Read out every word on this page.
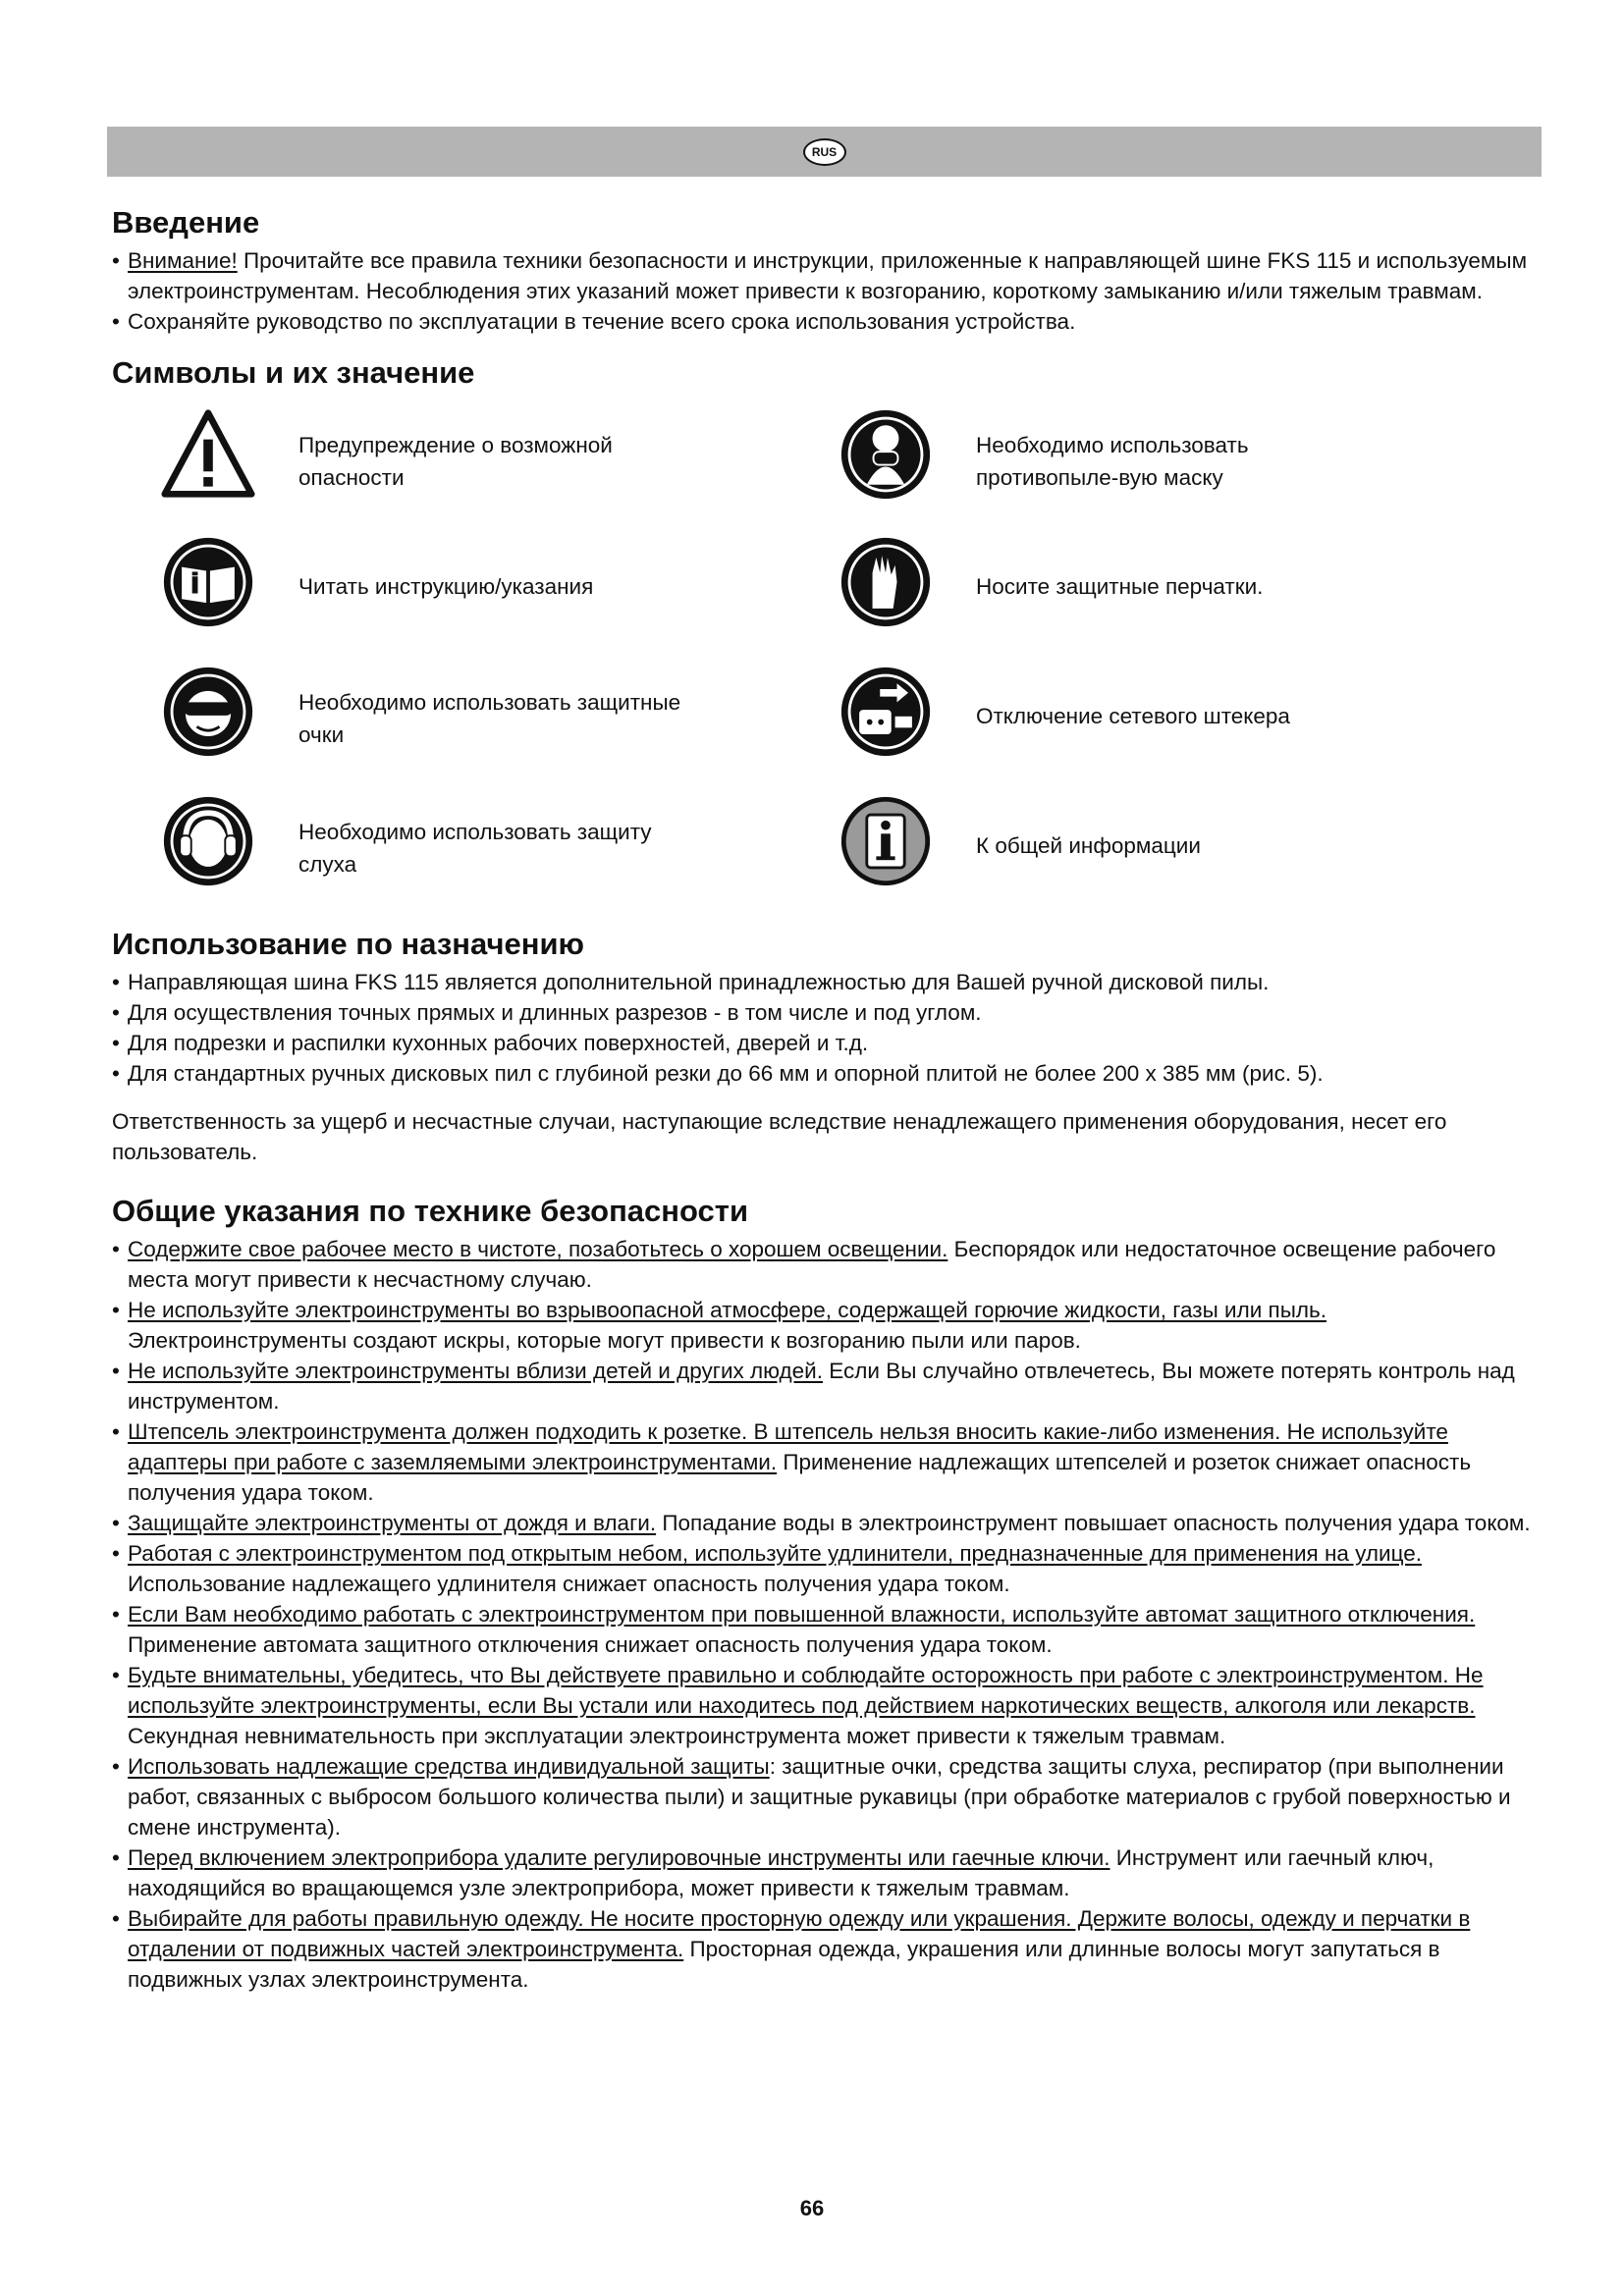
RUS
Введение
• Внимание! Прочитайте все правила техники безопасности и инструкции, приложенные к направляющей шине FKS 115 и используемым электроинструментам. Несоблюдения этих указаний может привести к возгоранию, короткому замыканию и/или тяжелым травмам.
• Сохраняйте руководство по эксплуатации в течение всего срока использования устройства.
Символы и их значение
Предупреждение о возможной опасности
Необходимо использовать противопыле-вую маску
Читать инструкцию/указания	Носите защитные перчатки.
Необходимо использовать защитные очки
Отключение сетевого штекера
Необходимо использовать защиту слуха
К общей информации
Использование по назначению
• Направляющая шина FKS 115 является дополнительной принадлежностью для Вашей ручной дисковой пилы.
• Для осуществления точных прямых и длинных разрезов - в том числе и под углом.
• Для подрезки и распилки кухонных рабочих поверхностей, дверей и т.д.
• Для стандартных ручных дисковых пил с глубиной резки до 66 мм и опорной плитой не более 200 x 385 мм (рис. 5).
Ответственность за ущерб и несчастные случаи, наступающие вследствие ненадлежащего применения оборудования, несет его пользователь.
Общие указания по технике безопасности
• Содержите свое рабочее место в чистоте, позаботьтесь о хорошем освещении. Беспорядок или недостаточное освещение рабочего места могут привести к несчастному случаю.
• Не используйте электроинструменты во взрывоопасной атмосфере, содержащей горючие жидкости, газы или пыль. Электроинструменты создают искры, которые могут привести к возгоранию пыли или паров.
• Не используйте электроинструменты вблизи детей и других людей. Если Вы случайно отвлечетесь, Вы можете потерять контроль над инструментом.
• Штепсель электроинструмента должен подходить к розетке. В штепсель нельзя вносить какие-либо изменения. Не используйте адаптеры при работе с заземляемыми электроинструментами. Применение надлежащих штепселей и розеток снижает опасность получения удара током.
• Защищайте электроинструменты от дождя и влаги. Попадание воды в электроинструмент повышает опасность получения удара током.
• Работая с электроинструментом под открытым небом, используйте удлинители, предназначенные для применения на улице. Использование надлежащего удлинителя снижает опасность получения удара током.
• Если Вам необходимо работать с электроинструментом при повышенной влажности, используйте автомат защитного отключения. Применение автомата защитного отключения снижает опасность получения удара током.
• Будьте внимательны, убедитесь, что Вы действуете правильно и соблюдайте осторожность при работе с электроинструментом. Не используйте электроинструменты, если Вы устали или находитесь под действием наркотических веществ, алкоголя или лекарств. Секундная невнимательность при эксплуатации электроинструмента может привести к тяжелым травмам.
• Использовать надлежащие средства индивидуальной защиты: защитные очки, средства защиты слуха, респиратор (при выполнении работ, связанных с выбросом большого количества пыли) и защитные рукавицы (при обработке материалов с грубой поверхностью и смене инструмента).
• Перед включением электроприбора удалите регулировочные инструменты или гаечные ключи. Инструмент или гаечный ключ, находящийся во вращающемся узле электроприбора, может привести к тяжелым травмам.
• Выбирайте для работы правильную одежду. Не носите просторную одежду или украшения. Держите волосы, одежду и перчатки в отдалении от подвижных частей электроинструмента. Просторная одежда, украшения или длинные волосы могут запутаться в подвижных узлах электроинструмента.
66
